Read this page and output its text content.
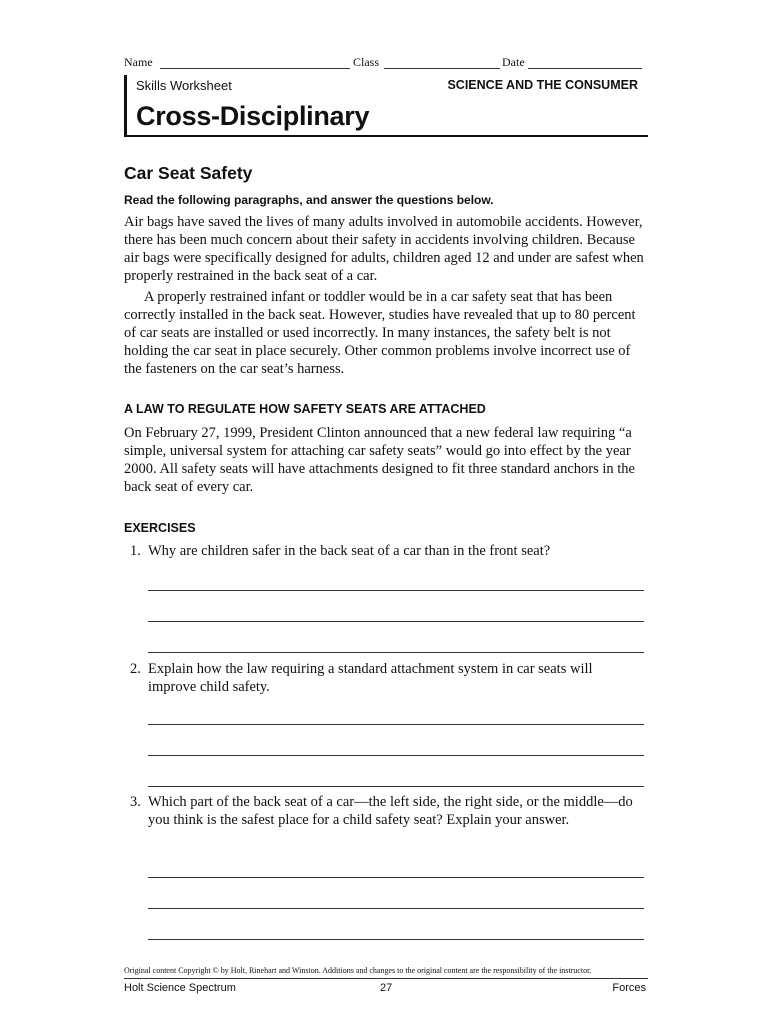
Name	Class	Date
Skills Worksheet	SCIENCE AND THE CONSUMER
Cross-Disciplinary
Car Seat Safety
Read the following paragraphs, and answer the questions below.

Air bags have saved the lives of many adults involved in automobile accidents. However, there has been much concern about their safety in accidents involving children. Because air bags were specifically designed for adults, children aged 12 and under are safest when properly restrained in the back seat of a car.

A properly restrained infant or toddler would be in a car safety seat that has been correctly installed in the back seat. However, studies have revealed that up to 80 percent of car seats are installed or used incorrectly. In many instances, the safety belt is not holding the car seat in place securely. Other common problems involve incorrect use of the fasteners on the car seat’s harness.

A LAW TO REGULATE HOW SAFETY SEATS ARE ATTACHED

On February 27, 1999, President Clinton announced that a new federal law requiring “a simple, universal system for attaching car safety seats” would go into effect by the year 2000. All safety seats will have attachments designed to fit three standard anchors in the back seat of every car.

EXERCISES
1. Why are children safer in the back seat of a car than in the front seat?
2. Explain how the law requiring a standard attachment system in car seats will improve child safety.
3. Which part of the back seat of a car—the left side, the right side, or the middle—do you think is the safest place for a child safety seat? Explain your answer.
Original content Copyright © by Holt, Rinehart and Winston. Additions and changes to the original content are the responsibility of the instructor.
Holt Science Spectrum	27	Forces
